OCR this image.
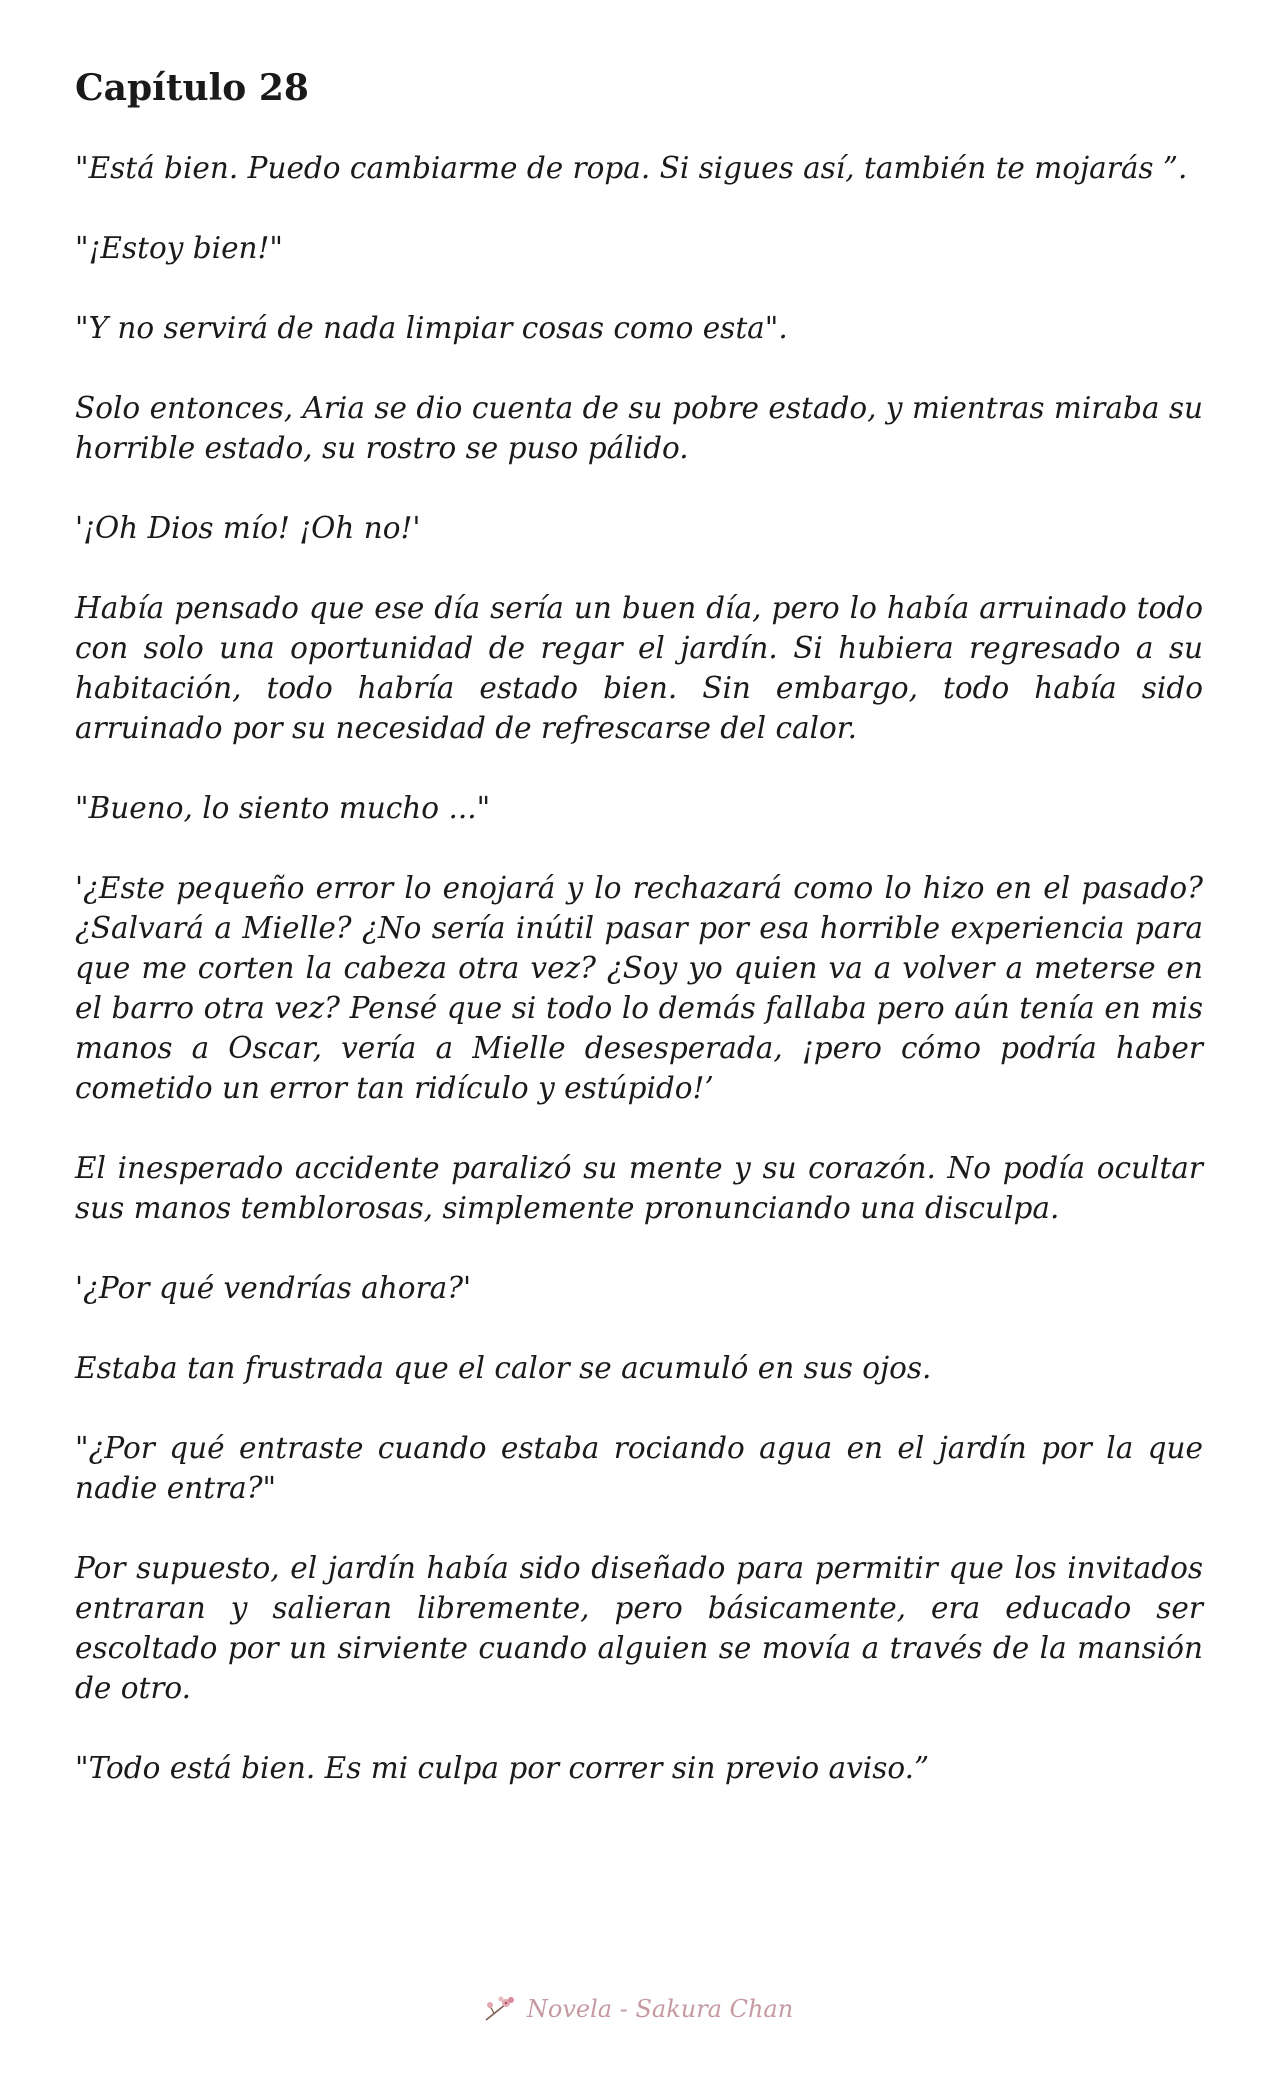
Capítulo 28

"Está bien. Puedo cambiarme de ropa. Si sigues así, también te mojarás ”.

"¡Estoy bien!"

"Y no servirá de nada limpiar cosas como esta".

Solo entonces, Aria se dio cuenta de su pobre estado, y mientras miraba su horrible estado, su rostro se puso pálido.

'¡Oh Dios mío! ¡Oh no!'

Había pensado que ese día sería un buen día, pero lo había arruinado todo con solo una oportunidad de regar el jardín. Si hubiera regresado a su habitación, todo habría estado bien. Sin embargo, todo había sido arruinado por su necesidad de refrescarse del calor.

"Bueno, lo siento mucho ..."

'¿Este pequeño error lo enojará y lo rechazará como lo hizo en el pasado? ¿Salvará a Mielle? ¿No sería inútil pasar por esa horrible experiencia para que me corten la cabeza otra vez? ¿Soy yo quien va a volver a meterse en el barro otra vez? Pensé que si todo lo demás fallaba pero aún tenía en mis manos a Oscar, vería a Mielle desesperada, ¡pero cómo podría haber cometido un error tan ridículo y estúpido!’

El inesperado accidente paralizó su mente y su corazón. No podía ocultar sus manos temblorosas, simplemente pronunciando una disculpa.

'¿Por qué vendrías ahora?'

Estaba tan frustrada que el calor se acumuló en sus ojos.

"¿Por qué entraste cuando estaba rociando agua en el jardín por la que nadie entra?"

Por supuesto, el jardín había sido diseñado para permitir que los invitados entraran y salieran libremente, pero básicamente, era educado ser escoltado por un sirviente cuando alguien se movía a través de la mansión de otro.

"Todo está bien. Es mi culpa por correr sin previo aviso.”

Novela - Sakura Chan
